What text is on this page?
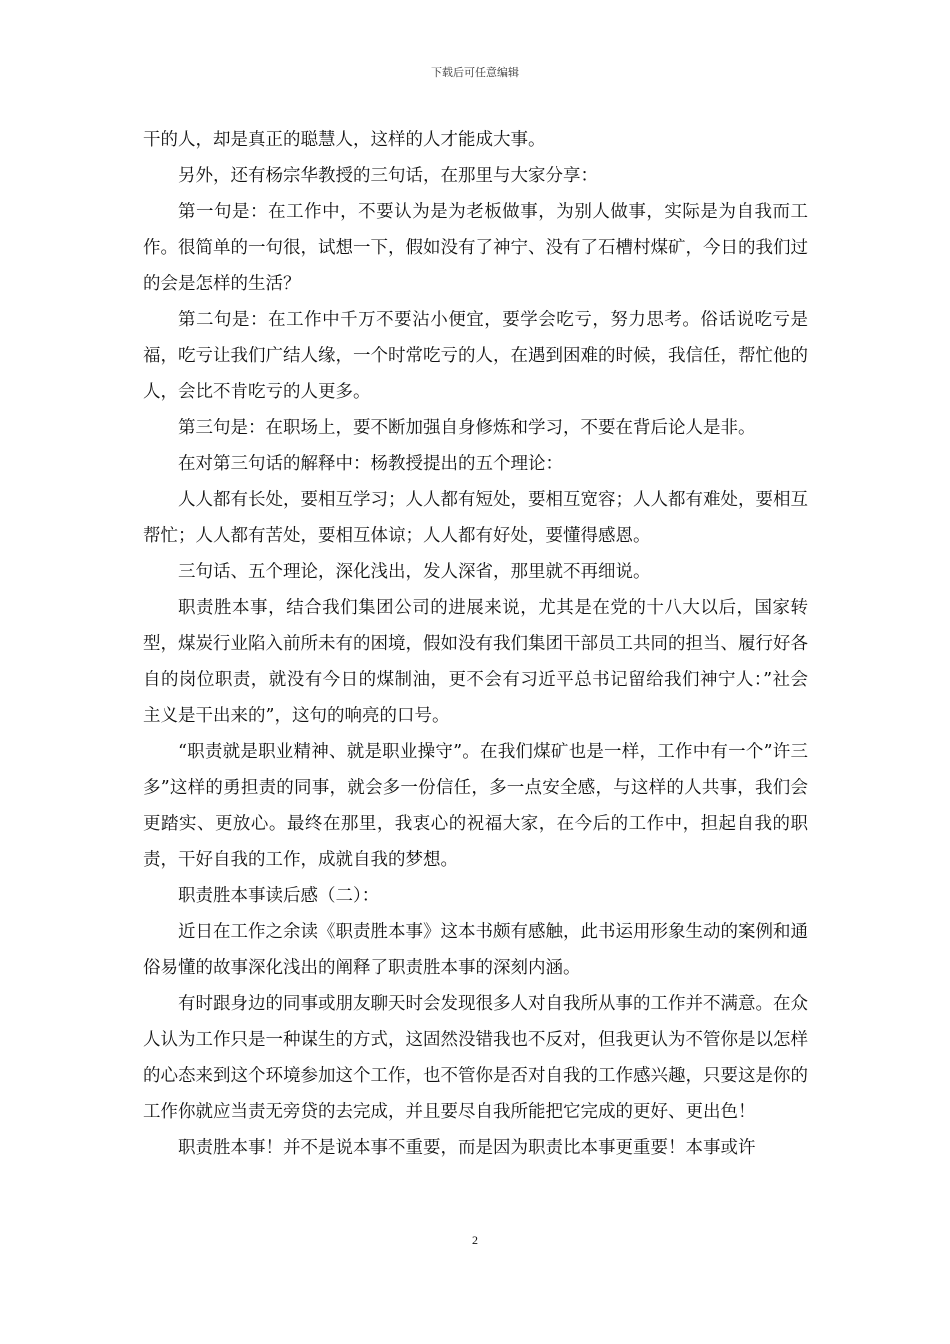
下载后可任意编辑

干的人，却是真正的聪慧人，这样的人才能成大事。

另外，还有杨宗华教授的三句话，在那里与大家分享：

第一句是：在工作中，不要认为是为老板做事，为别人做事，实际是为自我而工作。很简单的一句很，试想一下，假如没有了神宁、没有了石槽村煤矿，今日的我们过的会是怎样的生活？

第二句是：在工作中千万不要沾小便宜，要学会吃亏，努力思考。俗话说吃亏是福，吃亏让我们广结人缘，一个时常吃亏的人，在遇到困难的时候，我信任，帮忙他的人，会比不肯吃亏的人更多。

第三句是：在职场上，要不断加强自身修炼和学习，不要在背后论人是非。

在对第三句话的解释中：杨教授提出的五个理论：

人人都有长处，要相互学习；人人都有短处，要相互宽容；人人都有难处，要相互帮忙；人人都有苦处，要相互体谅；人人都有好处，要懂得感恩。

三句话、五个理论，深化浅出，发人深省，那里就不再细说。

职责胜本事，结合我们集团公司的进展来说，尤其是在党的十八大以后，国家转型，煤炭行业陷入前所未有的困境，假如没有我们集团干部员工共同的担当、履行好各自的岗位职责，就没有今日的煤制油，更不会有习近平总书记留给我们神宁人：”社会主义是干出来的”，这句的响亮的口号。

“职责就是职业精神、就是职业操守”。在我们煤矿也是一样，工作中有一个”许三多”这样的勇担责的同事，就会多一份信任，多一点安全感，与这样的人共事，我们会更踏实、更放心。最终在那里，我衷心的祝福大家，在今后的工作中，担起自我的职责，干好自我的工作，成就自我的梦想。

职责胜本事读后感（二）：

近日在工作之余读《职责胜本事》这本书颇有感触，此书运用形象生动的案例和通俗易懂的故事深化浅出的阐释了职责胜本事的深刻内涵。

有时跟身边的同事或朋友聊天时会发现很多人对自我所从事的工作并不满意。在众人认为工作只是一种谋生的方式，这固然没错我也不反对，但我更认为不管你是以怎样的心态来到这个环境参加这个工作，也不管你是否对自我的工作感兴趣，只要这是你的工作你就应当责无旁贷的去完成，并且要尽自我所能把它完成的更好、更出色！

职责胜本事！并不是说本事不重要，而是因为职责比本事更重要！本事或许

2
